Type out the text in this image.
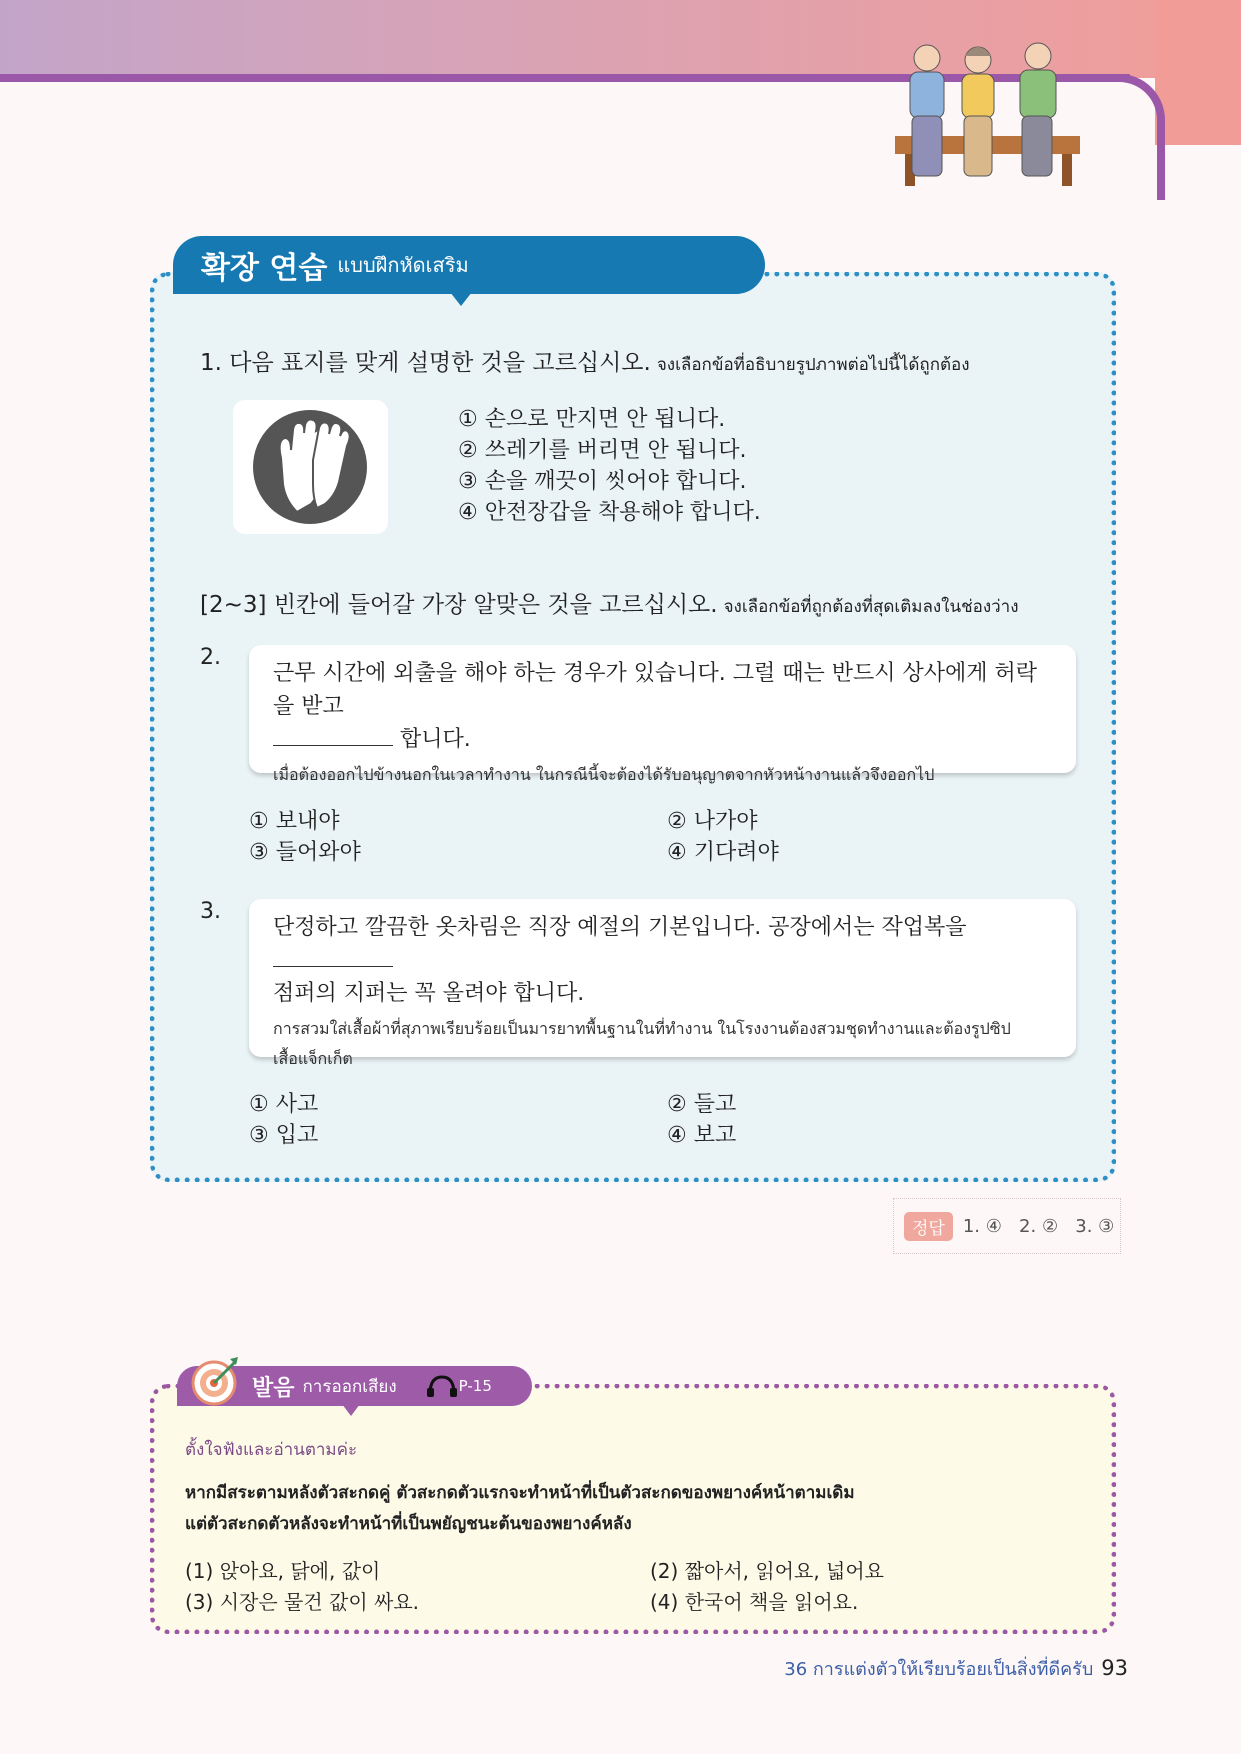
확장 연습 แบบฝึกหัดเสริม
1. 다음 표지를 맞게 설명한 것을 고르십시오. จงเลือกข้อที่อธิบายรูปภาพต่อไปนี้ได้ถูกต้อง
① 손으로 만지면 안 됩니다.
② 쓰레기를 버리면 안 됩니다.
③ 손을 깨끗이 씻어야 합니다.
④ 안전장갑을 착용해야 합니다.
[2~3] 빈칸에 들어갈 가장 알맞은 것을 고르십시오. จงเลือกข้อที่ถูกต้องที่สุดเติมลงในช่องว่าง
2.
근무 시간에 외출을 해야 하는 경우가 있습니다. 그럴 때는 반드시 상사에게 허락을 받고
합니다.
เมื่อต้องออกไปข้างนอกในเวลาทำงาน ในกรณีนี้จะต้องได้รับอนุญาตจากหัวหน้างานแล้วจึงออกไป
① 보내야	② 나가야
③ 들어와야	④ 기다려야
3.
단정하고 깔끔한 옷차림은 직장 예절의 기본입니다. 공장에서는 작업복을
점퍼의 지퍼는 꼭 올려야 합니다.
การสวมใส่เสื้อผ้าที่สุภาพเรียบร้อยเป็นมารยาทพื้นฐานในที่ทำงาน ในโรงงานต้องสวมชุดทำงานและต้องรูปซิป
เสื้อแจ็กเก็ต
① 사고	② 들고
③ 입고	④ 보고
정답	1. ④   2. ②   3. ③
발음 การออกเสียง	P-15
ตั้งใจฟังและอ่านตามค่ะ
หากมีสระตามหลังตัวสะกดคู่ ตัวสะกดตัวแรกจะทำหน้าที่เป็นตัวสะกดของพยางค์หน้าตามเดิม
แต่ตัวสะกดตัวหลังจะทำหน้าที่เป็นพยัญชนะต้นของพยางค์หลัง
(1) 앉아요, 닭에, 값이	(2) 짧아서, 읽어요, 넓어요
(3) 시장은 물건 값이 싸요.	(4) 한국어 책을 읽어요.
36 การแต่งตัวให้เรียบร้อยเป็นสิ่งที่ดีครับ 93
